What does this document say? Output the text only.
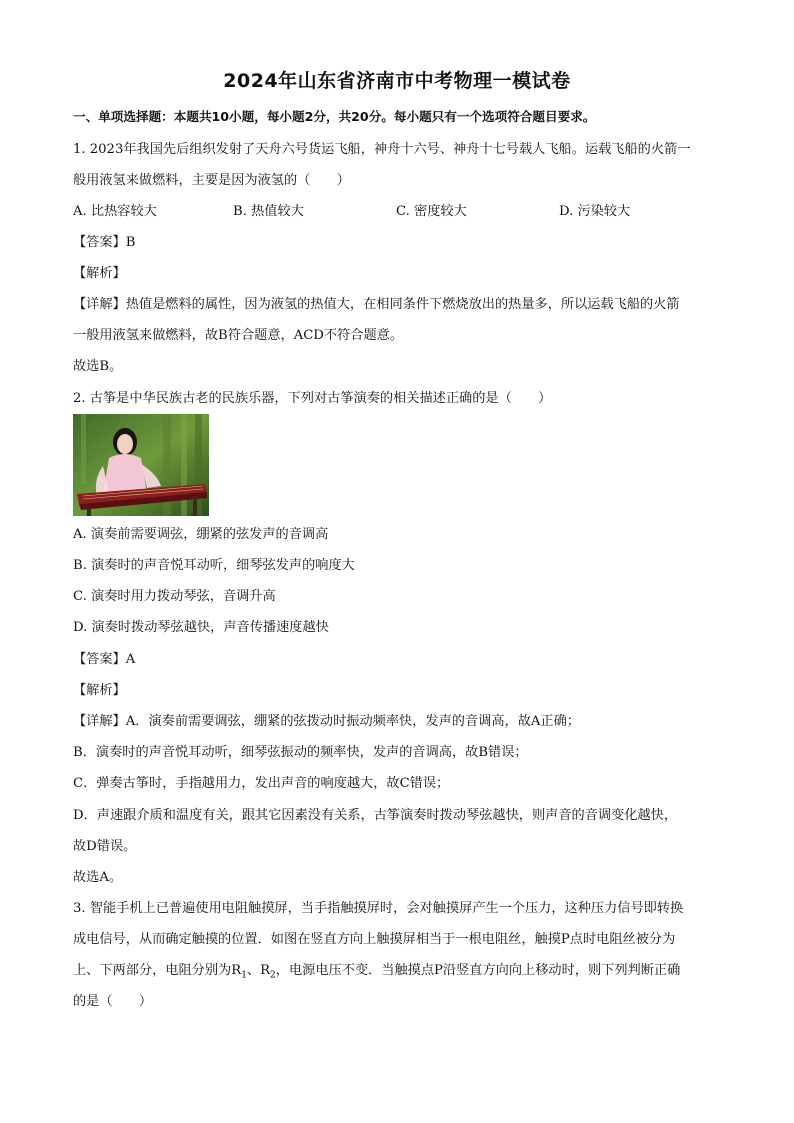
2024年山东省济南市中考物理一模试卷
一、单项选择题：本题共10小题，每小题2分，共20分。每小题只有一个选项符合题目要求。
1. 2023年我国先后组织发射了天舟六号货运飞船，神舟十六号、神舟十七号载人飞船。运载飞船的火箭一
般用液氢来做燃料，主要是因为液氢的（　　）
A. 比热容较大	B. 热值较大	C. 密度较大	D. 污染较大
【答案】B
【解析】
【详解】热值是燃料的属性，因为液氢的热值大，在相同条件下燃烧放出的热量多，所以运载飞船的火箭
一般用液氢来做燃料，故B符合题意，ACD不符合题意。
故选B。
2. 古筝是中华民族古老的民族乐器，下列对古筝演奏的相关描述正确的是（　　）
A. 演奏前需要调弦，绷紧的弦发声的音调高
B. 演奏时的声音悦耳动听，细琴弦发声的响度大
C. 演奏时用力拨动琴弦，音调升高
D. 演奏时拨动琴弦越快，声音传播速度越快
【答案】A
【解析】
【详解】A．演奏前需要调弦，绷紧的弦拨动时振动频率快，发声的音调高，故A正确；
B．演奏时的声音悦耳动听，细琴弦振动的频率快，发声的音调高，故B错误；
C．弹奏古筝时，手指越用力，发出声音的响度越大，故C错误；
D．声速跟介质和温度有关，跟其它因素没有关系，古筝演奏时拨动琴弦越快，则声音的音调变化越快，
故D错误。
故选A。
3. 智能手机上已普遍使用电阻触摸屏，当手指触摸屏时，会对触摸屏产生一个压力，这种压力信号即转换
成电信号，从而确定触摸的位置．如图在竖直方向上触摸屏相当于一根电阻丝，触摸P点时电阻丝被分为
上、下两部分，电阻分别为$R_1$、$R_2$，电源电压不变．当触摸点P沿竖直方向向上移动时，则下列判断正确
的是（　　）
